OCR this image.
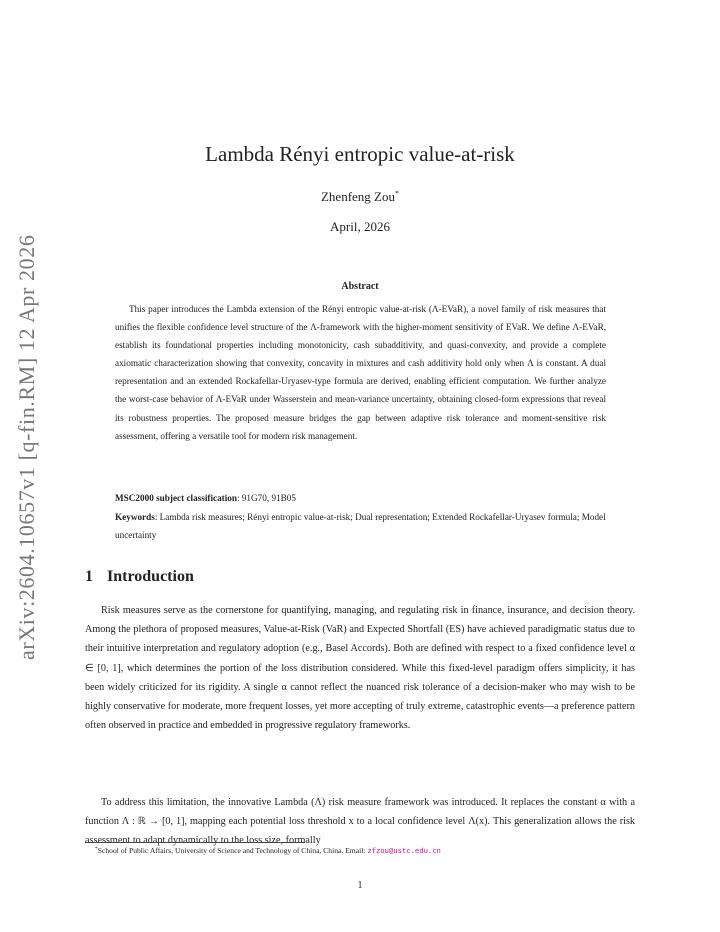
arXiv:2604.10657v1 [q-fin.RM] 12 Apr 2026
Lambda Rényi entropic value-at-risk
Zhenfeng Zou*
April, 2026
Abstract
This paper introduces the Lambda extension of the Rényi entropic value-at-risk (Λ-EVaR), a novel family of risk measures that unifies the flexible confidence level structure of the Λ-framework with the higher-moment sensitivity of EVaR. We define Λ-EVaR, establish its foundational properties including monotonicity, cash subadditivity, and quasi-convexity, and provide a complete axiomatic characterization showing that convexity, concavity in mixtures and cash additivity hold only when Λ is constant. A dual representation and an extended Rockafellar-Uryasev-type formula are derived, enabling efficient computation. We further analyze the worst-case behavior of Λ-EVaR under Wasserstein and mean-variance uncertainty, obtaining closed-form expressions that reveal its robustness properties. The proposed measure bridges the gap between adaptive risk tolerance and moment-sensitive risk assessment, offering a versatile tool for modern risk management.
MSC2000 subject classification: 91G70, 91B05
Keywords: Lambda risk measures; Rényi entropic value-at-risk; Dual representation; Extended Rockafellar-Uryasev formula; Model uncertainty
1 Introduction
Risk measures serve as the cornerstone for quantifying, managing, and regulating risk in finance, insurance, and decision theory. Among the plethora of proposed measures, Value-at-Risk (VaR) and Expected Shortfall (ES) have achieved paradigmatic status due to their intuitive interpretation and regulatory adoption (e.g., Basel Accords). Both are defined with respect to a fixed confidence level α ∈ [0, 1], which determines the portion of the loss distribution considered. While this fixed-level paradigm offers simplicity, it has been widely criticized for its rigidity. A single α cannot reflect the nuanced risk tolerance of a decision-maker who may wish to be highly conservative for moderate, more frequent losses, yet more accepting of truly extreme, catastrophic events—a preference pattern often observed in practice and embedded in progressive regulatory frameworks.
To address this limitation, the innovative Lambda (Λ) risk measure framework was introduced. It replaces the constant α with a function Λ : ℝ → [0, 1], mapping each potential loss threshold x to a local confidence level Λ(x). This generalization allows the risk assessment to adapt dynamically to the loss size, formally
*School of Public Affairs, University of Science and Technology of China, China. Email: zfzou@ustc.edu.cn
1
